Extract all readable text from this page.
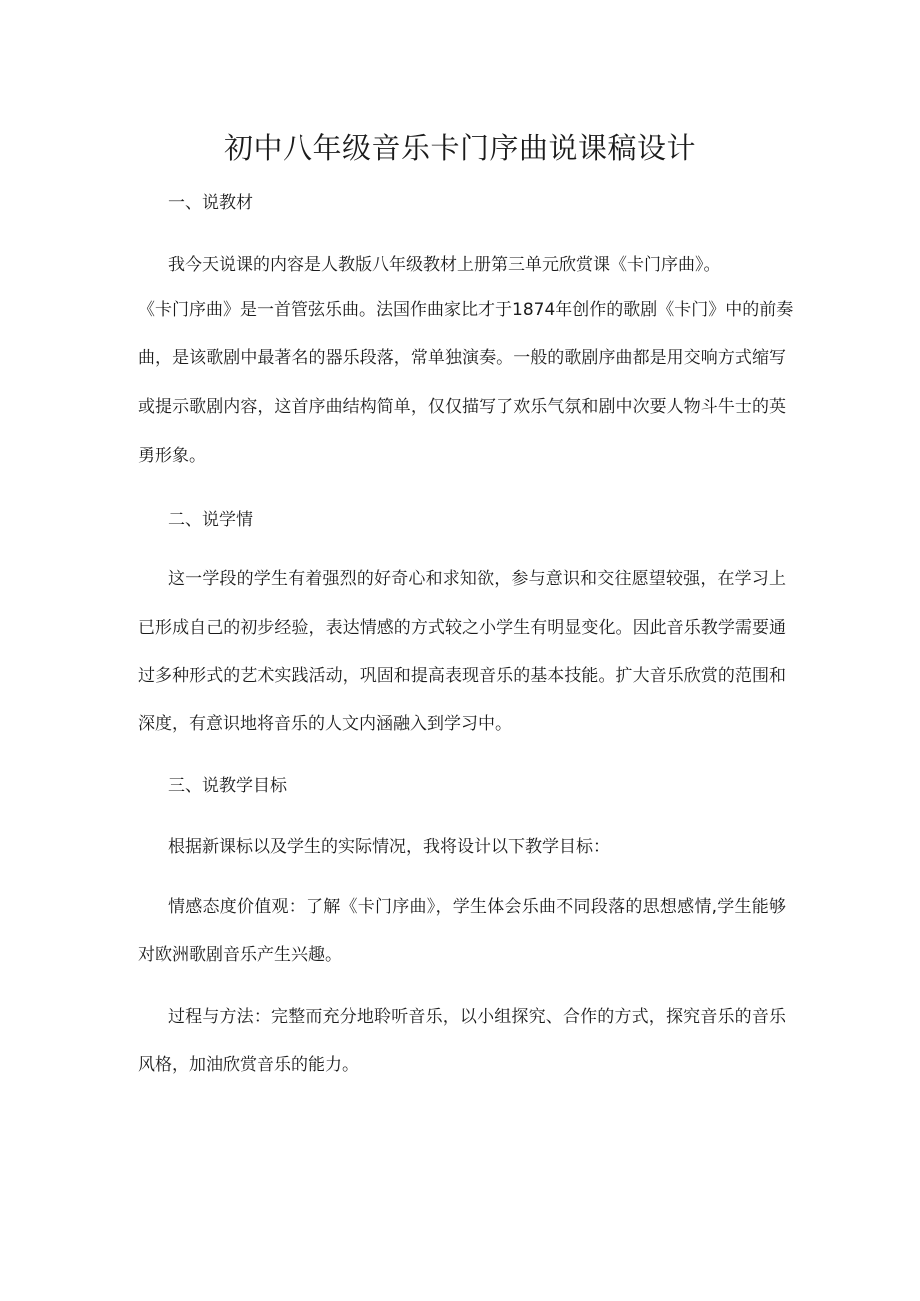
初中八年级音乐卡门序曲说课稿设计

一、说教材

我今天说课的内容是人教版八年级教材上册第三单元欣赏课《卡门序曲》。

《卡门序曲》是一首管弦乐曲。法国作曲家比才于1874年创作的歌剧《卡门》中的前奏

曲，是该歌剧中最著名的器乐段落，常单独演奏。一般的歌剧序曲都是用交响方式缩写

或提示歌剧内容，这首序曲结构简单，仅仅描写了欢乐气氛和剧中次要人物斗牛士的英

勇形象。

二、说学情

这一学段的学生有着强烈的好奇心和求知欲，参与意识和交往愿望较强，在学习上

已形成自己的初步经验，表达情感的方式较之小学生有明显变化。因此音乐教学需要通

过多种形式的艺术实践活动，巩固和提高表现音乐的基本技能。扩大音乐欣赏的范围和

深度，有意识地将音乐的人文内涵融入到学习中。

三、说教学目标

根据新课标以及学生的实际情况，我将设计以下教学目标：

情感态度价值观：了解《卡门序曲》，学生体会乐曲不同段落的思想感情,学生能够

对欧洲歌剧音乐产生兴趣。

过程与方法：完整而充分地聆听音乐，以小组探究、合作的方式，探究音乐的音乐

风格，加油欣赏音乐的能力。
